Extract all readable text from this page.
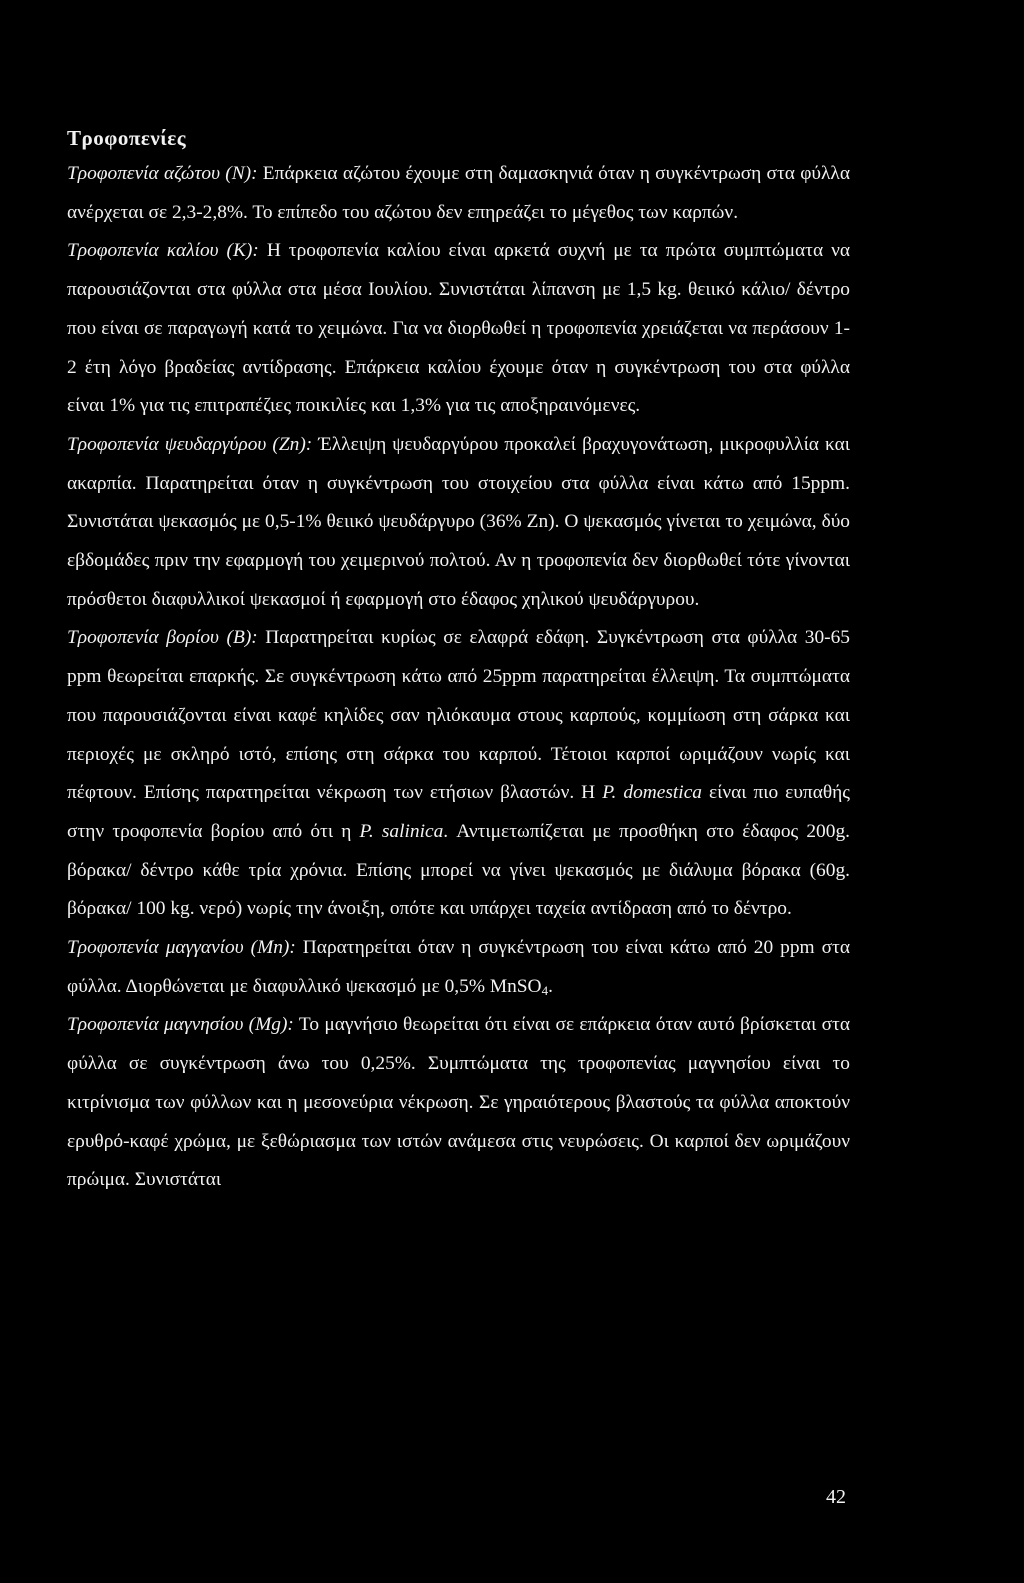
Τροφοπενίες

Τροφοπενία αζώτου (N): Επάρκεια αζώτου έχουμε στη δαμασκηνιά όταν η συγκέντρωση στα φύλλα ανέρχεται σε 2,3-2,8%. Το επίπεδο του αζώτου δεν επηρεάζει το μέγεθος των καρπών.

Τροφοπενία καλίου (K): Η τροφοπενία καλίου είναι αρκετά συχνή με τα πρώτα συμπτώματα να παρουσιάζονται στα φύλλα στα μέσα Ιουλίου. Συνιστάται λίπανση με 1,5 kg. θειικό κάλιο/ δέντρο που είναι σε παραγωγή κατά το χειμώνα. Για να διορθωθεί η τροφοπενία χρειάζεται να περάσουν 1-2 έτη λόγο βραδείας αντίδρασης. Επάρκεια καλίου έχουμε όταν η συγκέντρωση του στα φύλλα είναι 1% για τις επιτραπέζιες ποικιλίες και 1,3% για τις αποξηραινόμενες.

Τροφοπενία ψευδαργύρου (Zn): Έλλειψη ψευδαργύρου προκαλεί βραχυγονάτωση, μικροφυλλία και ακαρπία. Παρατηρείται όταν η συγκέντρωση του στοιχείου στα φύλλα είναι κάτω από 15ppm. Συνιστάται ψεκασμός με 0,5-1% θειικό ψευδάργυρο (36% Zn). Ο ψεκασμός γίνεται το χειμώνα, δύο εβδομάδες πριν την εφαρμογή του χειμερινού πολτού. Αν η τροφοπενία δεν διορθωθεί τότε γίνονται πρόσθετοι διαφυλλικοί ψεκασμοί ή εφαρμογή στο έδαφος χηλικού ψευδάργυρου.

Τροφοπενία βορίου (B): Παρατηρείται κυρίως σε ελαφρά εδάφη. Συγκέντρωση στα φύλλα 30-65 ppm θεωρείται επαρκής. Σε συγκέντρωση κάτω από 25ppm παρατηρείται έλλειψη. Τα συμπτώματα που παρουσιάζονται είναι καφέ κηλίδες σαν ηλιόκαυμα στους καρπούς, κομμίωση στη σάρκα και περιοχές με σκληρό ιστό, επίσης στη σάρκα του καρπού. Τέτοιοι καρποί ωριμάζουν νωρίς και πέφτουν. Επίσης παρατηρείται νέκρωση των ετήσιων βλαστών. Η P. domestica είναι πιο ευπαθής στην τροφοπενία βορίου από ότι η P. salinica. Αντιμετωπίζεται με προσθήκη στο έδαφος 200g. βόρακα/ δέντρο κάθε τρία χρόνια. Επίσης μπορεί να γίνει ψεκασμός με διάλυμα βόρακα (60g. βόρακα/ 100 kg. νερό) νωρίς την άνοιξη, οπότε και υπάρχει ταχεία αντίδραση από το δέντρο.

Τροφοπενία μαγγανίου (Mn): Παρατηρείται όταν η συγκέντρωση του είναι κάτω από 20 ppm στα φύλλα. Διορθώνεται με διαφυλλικό ψεκασμό με 0,5% MnSO$_4$.

Τροφοπενία μαγνησίου (Mg): Το μαγνήσιο θεωρείται ότι είναι σε επάρκεια όταν αυτό βρίσκεται στα φύλλα σε συγκέντρωση άνω του 0,25%. Συμπτώματα της τροφοπενίας μαγνησίου είναι το κιτρίνισμα των φύλλων και η μεσονεύρια νέκρωση. Σε γηραιότερους βλαστούς τα φύλλα αποκτούν ερυθρό-καφέ χρώμα, με ξεθώριασμα των ιστών ανάμεσα στις νευρώσεις. Οι καρποί δεν ωριμάζουν πρώιμα. Συνιστάται

42
